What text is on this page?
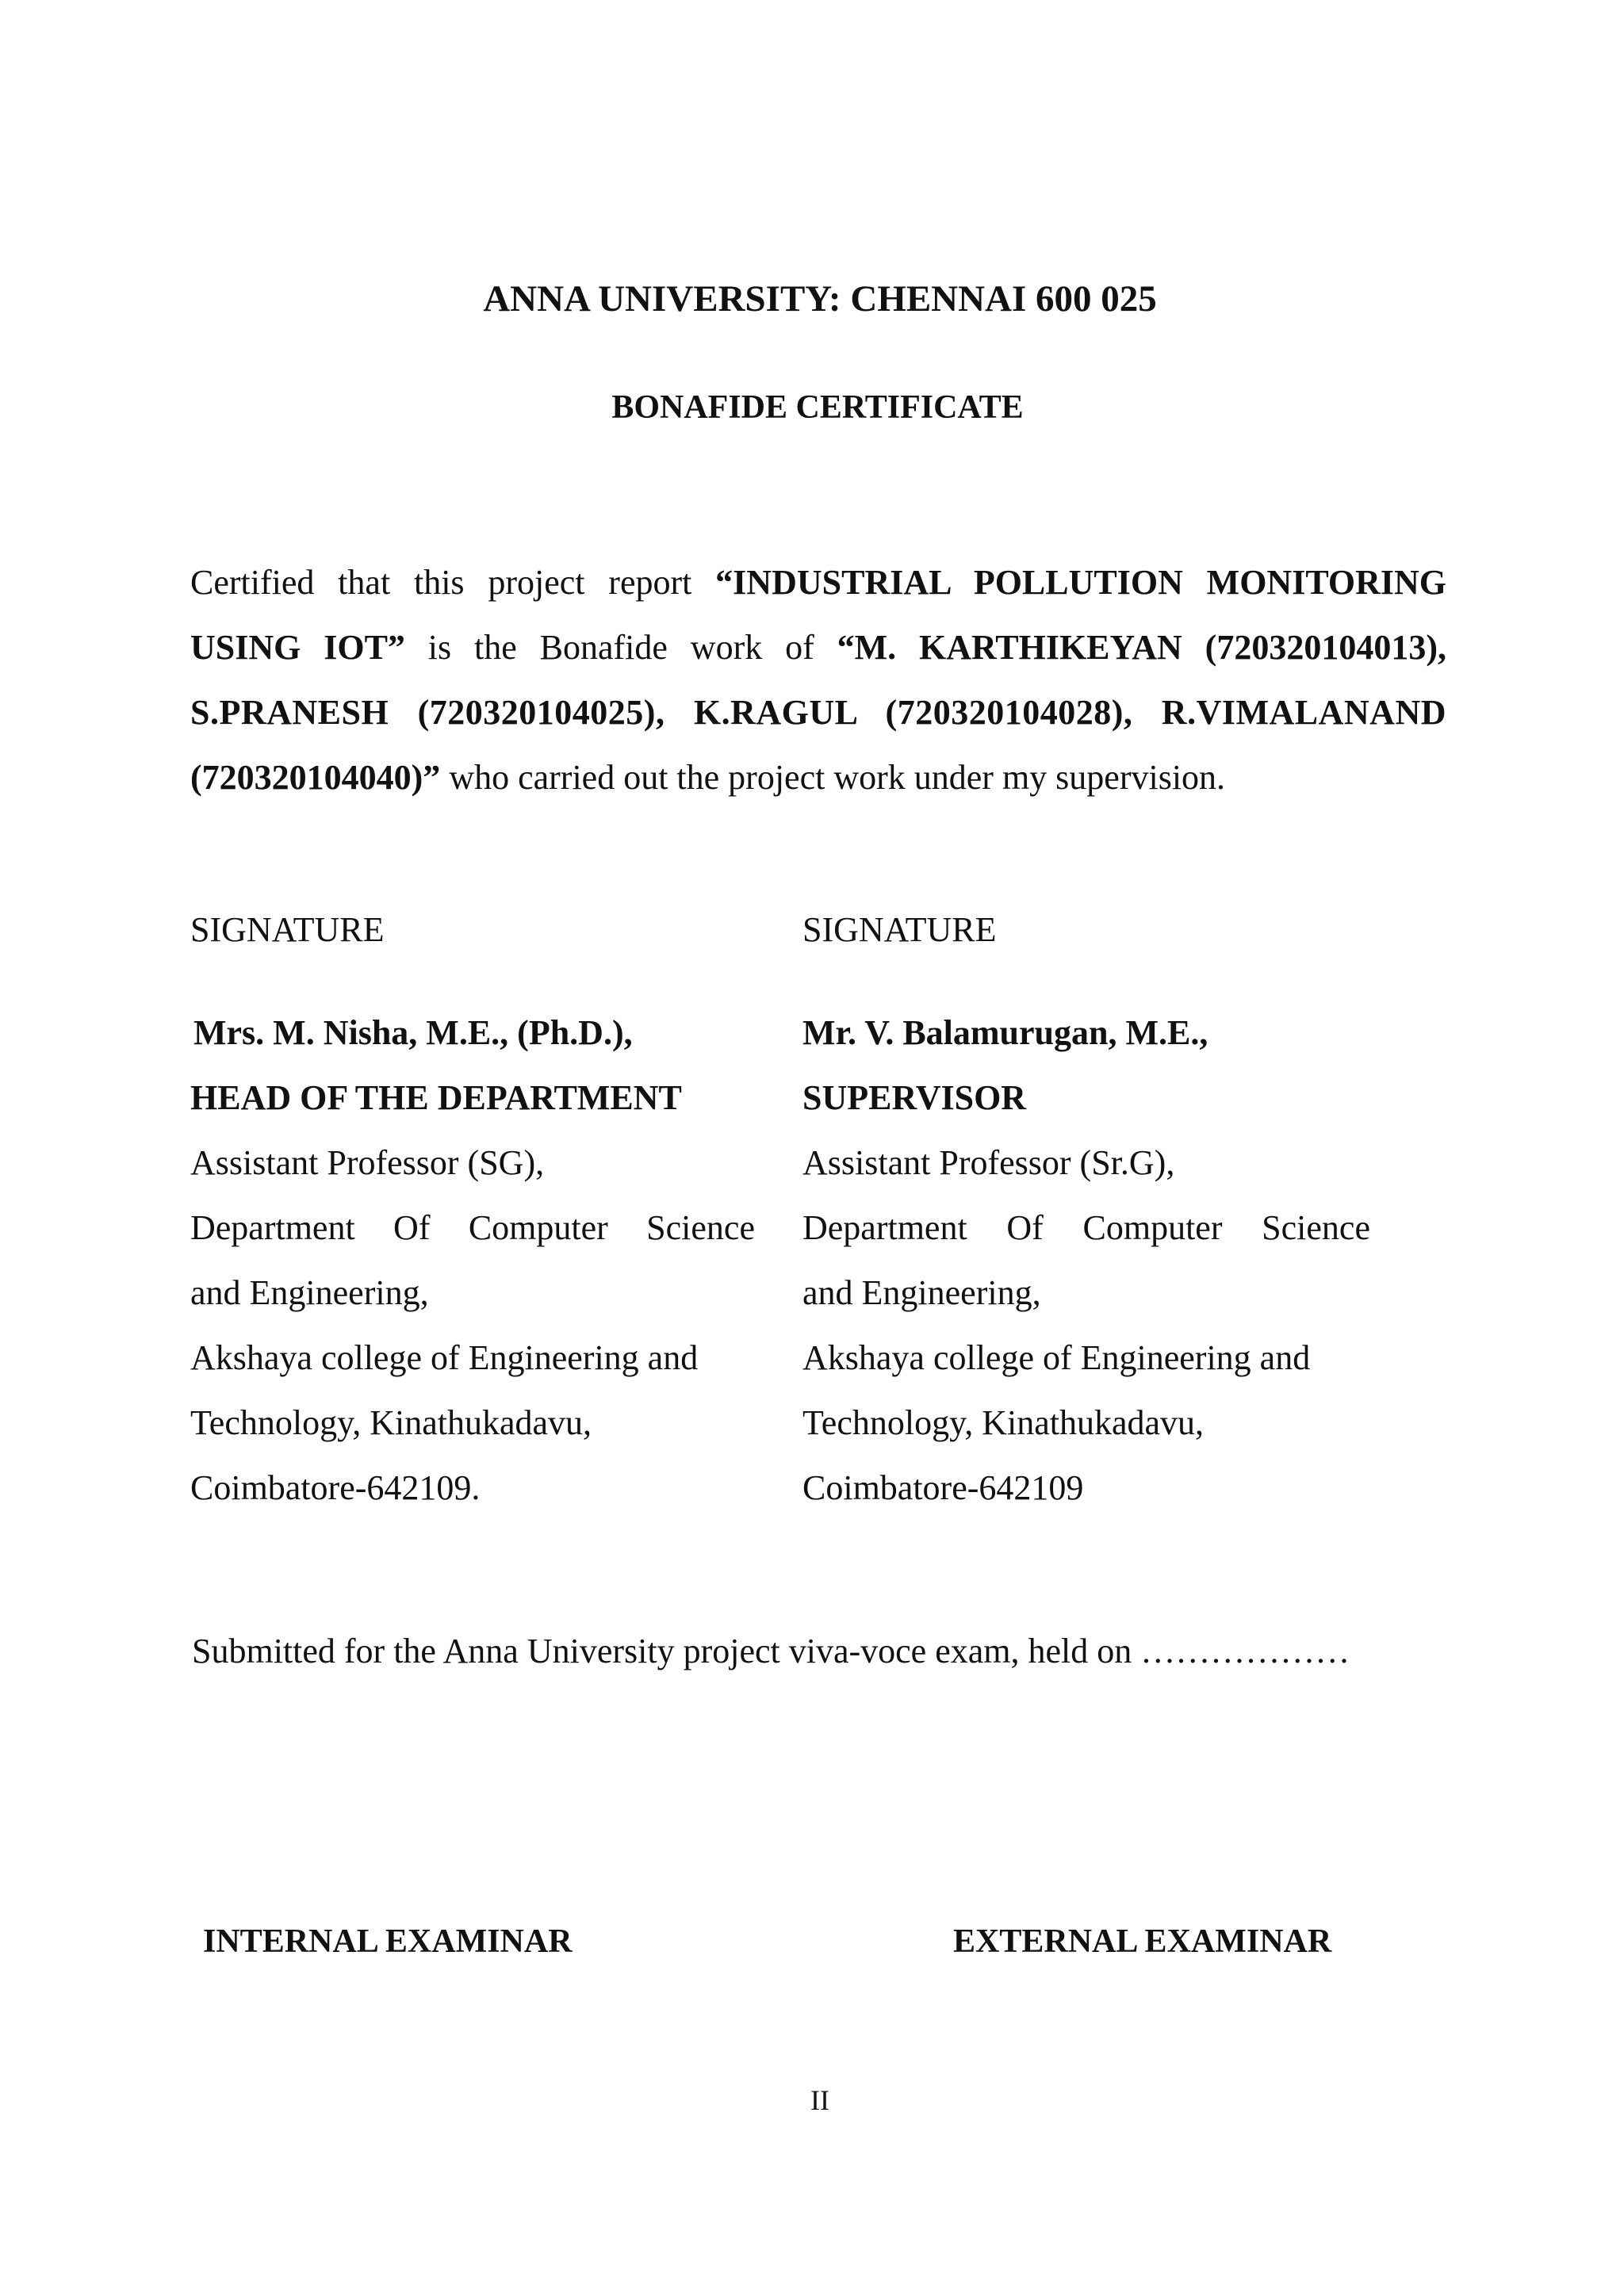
ANNA UNIVERSITY: CHENNAI 600 025
BONAFIDE CERTIFICATE
Certified that this project report “INDUSTRIAL POLLUTION MONITORING
USING IOT” is the Bonafide work of “M. KARTHIKEYAN (720320104013),
S.PRANESH (720320104025), K.RAGUL (720320104028), R.VIMALANAND
(720320104040)” who carried out the project work under my supervision.
SIGNATURE
Mrs. M. Nisha, M.E., (Ph.D.),
HEAD OF THE DEPARTMENT
Assistant Professor (SG),
Department Of Computer Science
and Engineering,
Akshaya college of Engineering and
Technology, Kinathukadavu,
Coimbatore-642109.
SIGNATURE
Mr. V. Balamurugan, M.E.,
SUPERVISOR
Assistant Professor (Sr.G),
Department Of Computer Science
and Engineering,
Akshaya college of Engineering and
Technology, Kinathukadavu,
Coimbatore-642109
Submitted for the Anna University project viva-voce exam, held on ………………
INTERNAL EXAMINAR	EXTERNAL EXAMINAR
II
